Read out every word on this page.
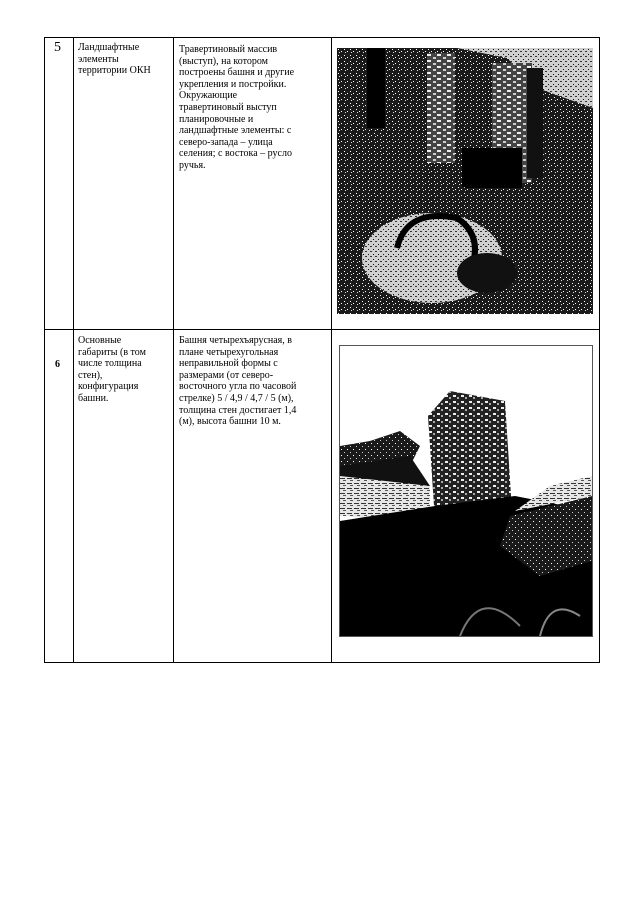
5 Ландшафтные
элементы
территории ОКН
Травертиновый массив
(выступ), на котором
построены башня и другие
укрепления и постройки.
Окружающие
травертиновый выступ
планировочные и
ландшафтные элементы: с
северо-запада – улица
селения; с востока – русло
ручья.
6
Основные
габариты (в том
числе толщина
стен),
конфигурация
башни.
Башня четырехъярусная, в
плане четырехугольная
неправильной формы с
размерами (от северо-
восточного угла по часовой
стрелке) 5 / 4,9 / 4,7 / 5 (м),
толщина стен достигает 1,4
(м), высота башни 10 м.
